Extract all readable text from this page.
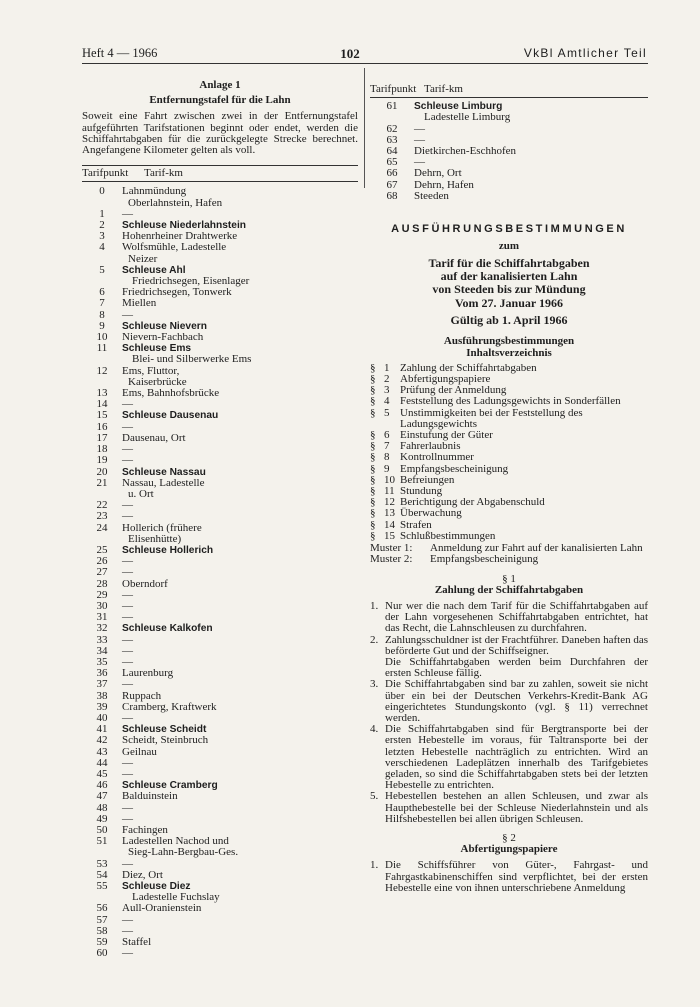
Heft 4 — 1966	102	VkBl Amtlicher Teil
Anlage 1
Entfernungstafel für die Lahn
Soweit eine Fahrt zwischen zwei in der Entfernungstafel aufgeführten Tarifstationen beginnt oder endet, werden die Schiffahrtabgaben für die zurückgelegte Strecke berechnet. Angefangene Kilometer gelten als voll.
Tarifpunkt	Tarif-km
0	Lahnmündung
Oberlahnstein, Hafen
1	—
2	Schleuse Niederlahnstein
3	Hohenrheiner Drahtwerke
4	Wolfsmühle, Ladestelle
Neizer
5	Schleuse Ahl
Friedrichsegen, Eisenlager
6	Friedrichsegen, Tonwerk
7	Miellen
8	—
9	Schleuse Nievern
10	Nievern-Fachbach
11	Schleuse Ems
Blei- und Silberwerke Ems
12	Ems, Fluttor,
Kaiserbrücke
13	Ems, Bahnhofsbrücke
14	—
15	Schleuse Dausenau
16	—
17	Dausenau, Ort
18	—
19	—
20	Schleuse Nassau
21	Nassau, Ladestelle
u. Ort
22	—
23	—
24	Hollerich (frühere
Elisenhütte)
25	Schleuse Hollerich
26	—
27	—
28	Oberndorf
29	—
30	—
31	—
32	Schleuse Kalkofen
33	—
34	—
35	—
36	Laurenburg
37	—
38	Ruppach
39	Cramberg, Kraftwerk
40	—
41	Schleuse Scheidt
42	Scheidt, Steinbruch
43	Geilnau
44	—
45	—
46	Schleuse Cramberg
47	Balduinstein
48	—
49	—
50	Fachingen
51	Ladestellen Nachod und
Sieg-Lahn-Bergbau-Ges.
53	—
54	Diez, Ort
55	Schleuse Diez
Ladestelle Fuchslay
56	Aull-Oranienstein
57	—
58	—
59	Staffel
60	—
Tarifpunkt Tarif-km
61	Schleuse Limburg
Ladestelle Limburg
62	—
63	—
64	Dietkirchen-Eschhofen
65	—
66	Dehrn, Ort
67	Dehrn, Hafen
68	Steeden
AUSFÜHRUNGSBESTIMMUNGEN
zum
Tarif für die Schiffahrtabgaben
auf der kanalisierten Lahn
von Steeden bis zur Mündung
Vom 27. Januar 1966
Gültig ab 1. April 1966
Ausführungsbestimmungen
Inhaltsverzeichnis
§ 1 Zahlung der Schiffahrtabgaben
§ 2 Abfertigungspapiere
§ 3 Prüfung der Anmeldung
§ 4 Feststellung des Ladungsgewichts in Sonderfällen
§ 5 Unstimmigkeiten bei der Feststellung des Ladungsgewichts
§ 6 Einstufung der Güter
§ 7 Fahrerlaubnis
§ 8 Kontrollnummer
§ 9 Empfangsbescheinigung
§ 10 Befreiungen
§ 11 Stundung
§ 12 Berichtigung der Abgabenschuld
§ 13 Überwachung
§ 14 Strafen
§ 15 Schlußbestimmungen
Muster 1:	Anmeldung zur Fahrt auf der kanalisierten Lahn
Muster 2:	Empfangsbescheinigung
§ 1
Zahlung der Schiffahrtabgaben
1. Nur wer die nach dem Tarif für die Schiffahrtabgaben auf der Lahn vorgesehenen Schiffahrtabgaben entrichtet, hat das Recht, die Lahnschleusen zu durchfahren.
2. Zahlungsschuldner ist der Frachtführer. Daneben haften das beförderte Gut und der Schiffseigner.
Die Schiffahrtabgaben werden beim Durchfahren der ersten Schleuse fällig.
3. Die Schiffahrtabgaben sind bar zu zahlen, soweit sie nicht über ein bei der Deutschen Verkehrs-Kredit-Bank AG eingerichtetes Stundungskonto (vgl. § 11) verrechnet werden.
4. Die Schiffahrtabgaben sind für Bergtransporte bei der ersten Hebestelle im voraus, für Taltransporte bei der letzten Hebestelle nachträglich zu entrichten. Wird an verschiedenen Ladeplätzen innerhalb des Tarifgebietes geladen, so sind die Schiffahrtabgaben stets bei der letzten Hebestelle zu entrichten.
5. Hebestellen bestehen an allen Schleusen, und zwar als Haupthebestelle bei der Schleuse Niederlahnstein und als Hilfshebestellen bei allen übrigen Schleusen.
§ 2
Abfertigungspapiere
1. Die Schiffsführer von Güter-, Fahrgast- und Fahrgastkabinenschiffen sind verpflichtet, bei der ersten Hebestelle eine von ihnen unterschriebene Anmeldung
